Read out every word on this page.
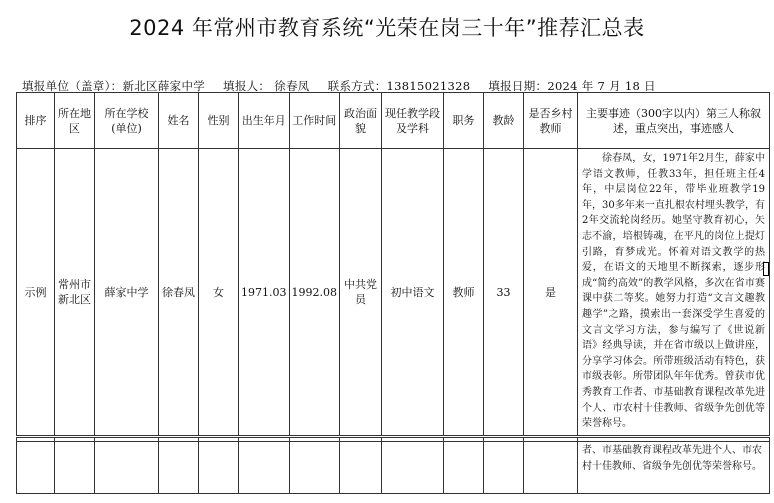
2024 年常州市教育系统“光荣在岗三十年”推荐汇总表
填报单位（盖章）：新北区薛家中学 填报人： 徐春凤 联系方式：13815021328 填报日期：2024 年 7 月 18 日
排序	所在地区	所在学校(单位)	姓名	性别	出生年月	工作时间	政治面貌	现任教学段及学科	职务	教龄	是否乡村教师	主要事迹（300字以内）第三人称叙述，重点突出，事迹感人
示例	常州市新北区	薛家中学	徐春凤	女	1971.03	1992.08	中共党员	初中语文	教师	33	是	徐春凤，女，1971年2月生，薛家中学语文教师，任教33年，担任班主任4年，中层岗位22年，带毕业班教学19年，30多年来一直扎根农村埋头教学，有2年交流轮岗经历。她坚守教育初心，矢志不渝，培根铸魂，在平凡的岗位上提灯引路，育梦成光。怀着对语文教学的热爱，在语文的天地里不断探索，逐步形成“简约高效”的教学风格，多次在省市赛课中获二等奖。她努力打造“文言文趣教趣学”之路，摸索出一套深受学生喜爱的文言文学习方法，参与编写了《世说新语》经典导读，并在省市级以上做讲座，分享学习体会。所带班级活动有特色，获市级表彰。所带团队年年优秀。曾获市优秀教育工作者、市基础教育课程改革先进个人、市农村十佳教师、省级争先创优等荣誉称号。

												者、市基础教育课程改革先进个人、市农村十佳教师、省级争先创优等荣誉称号。
